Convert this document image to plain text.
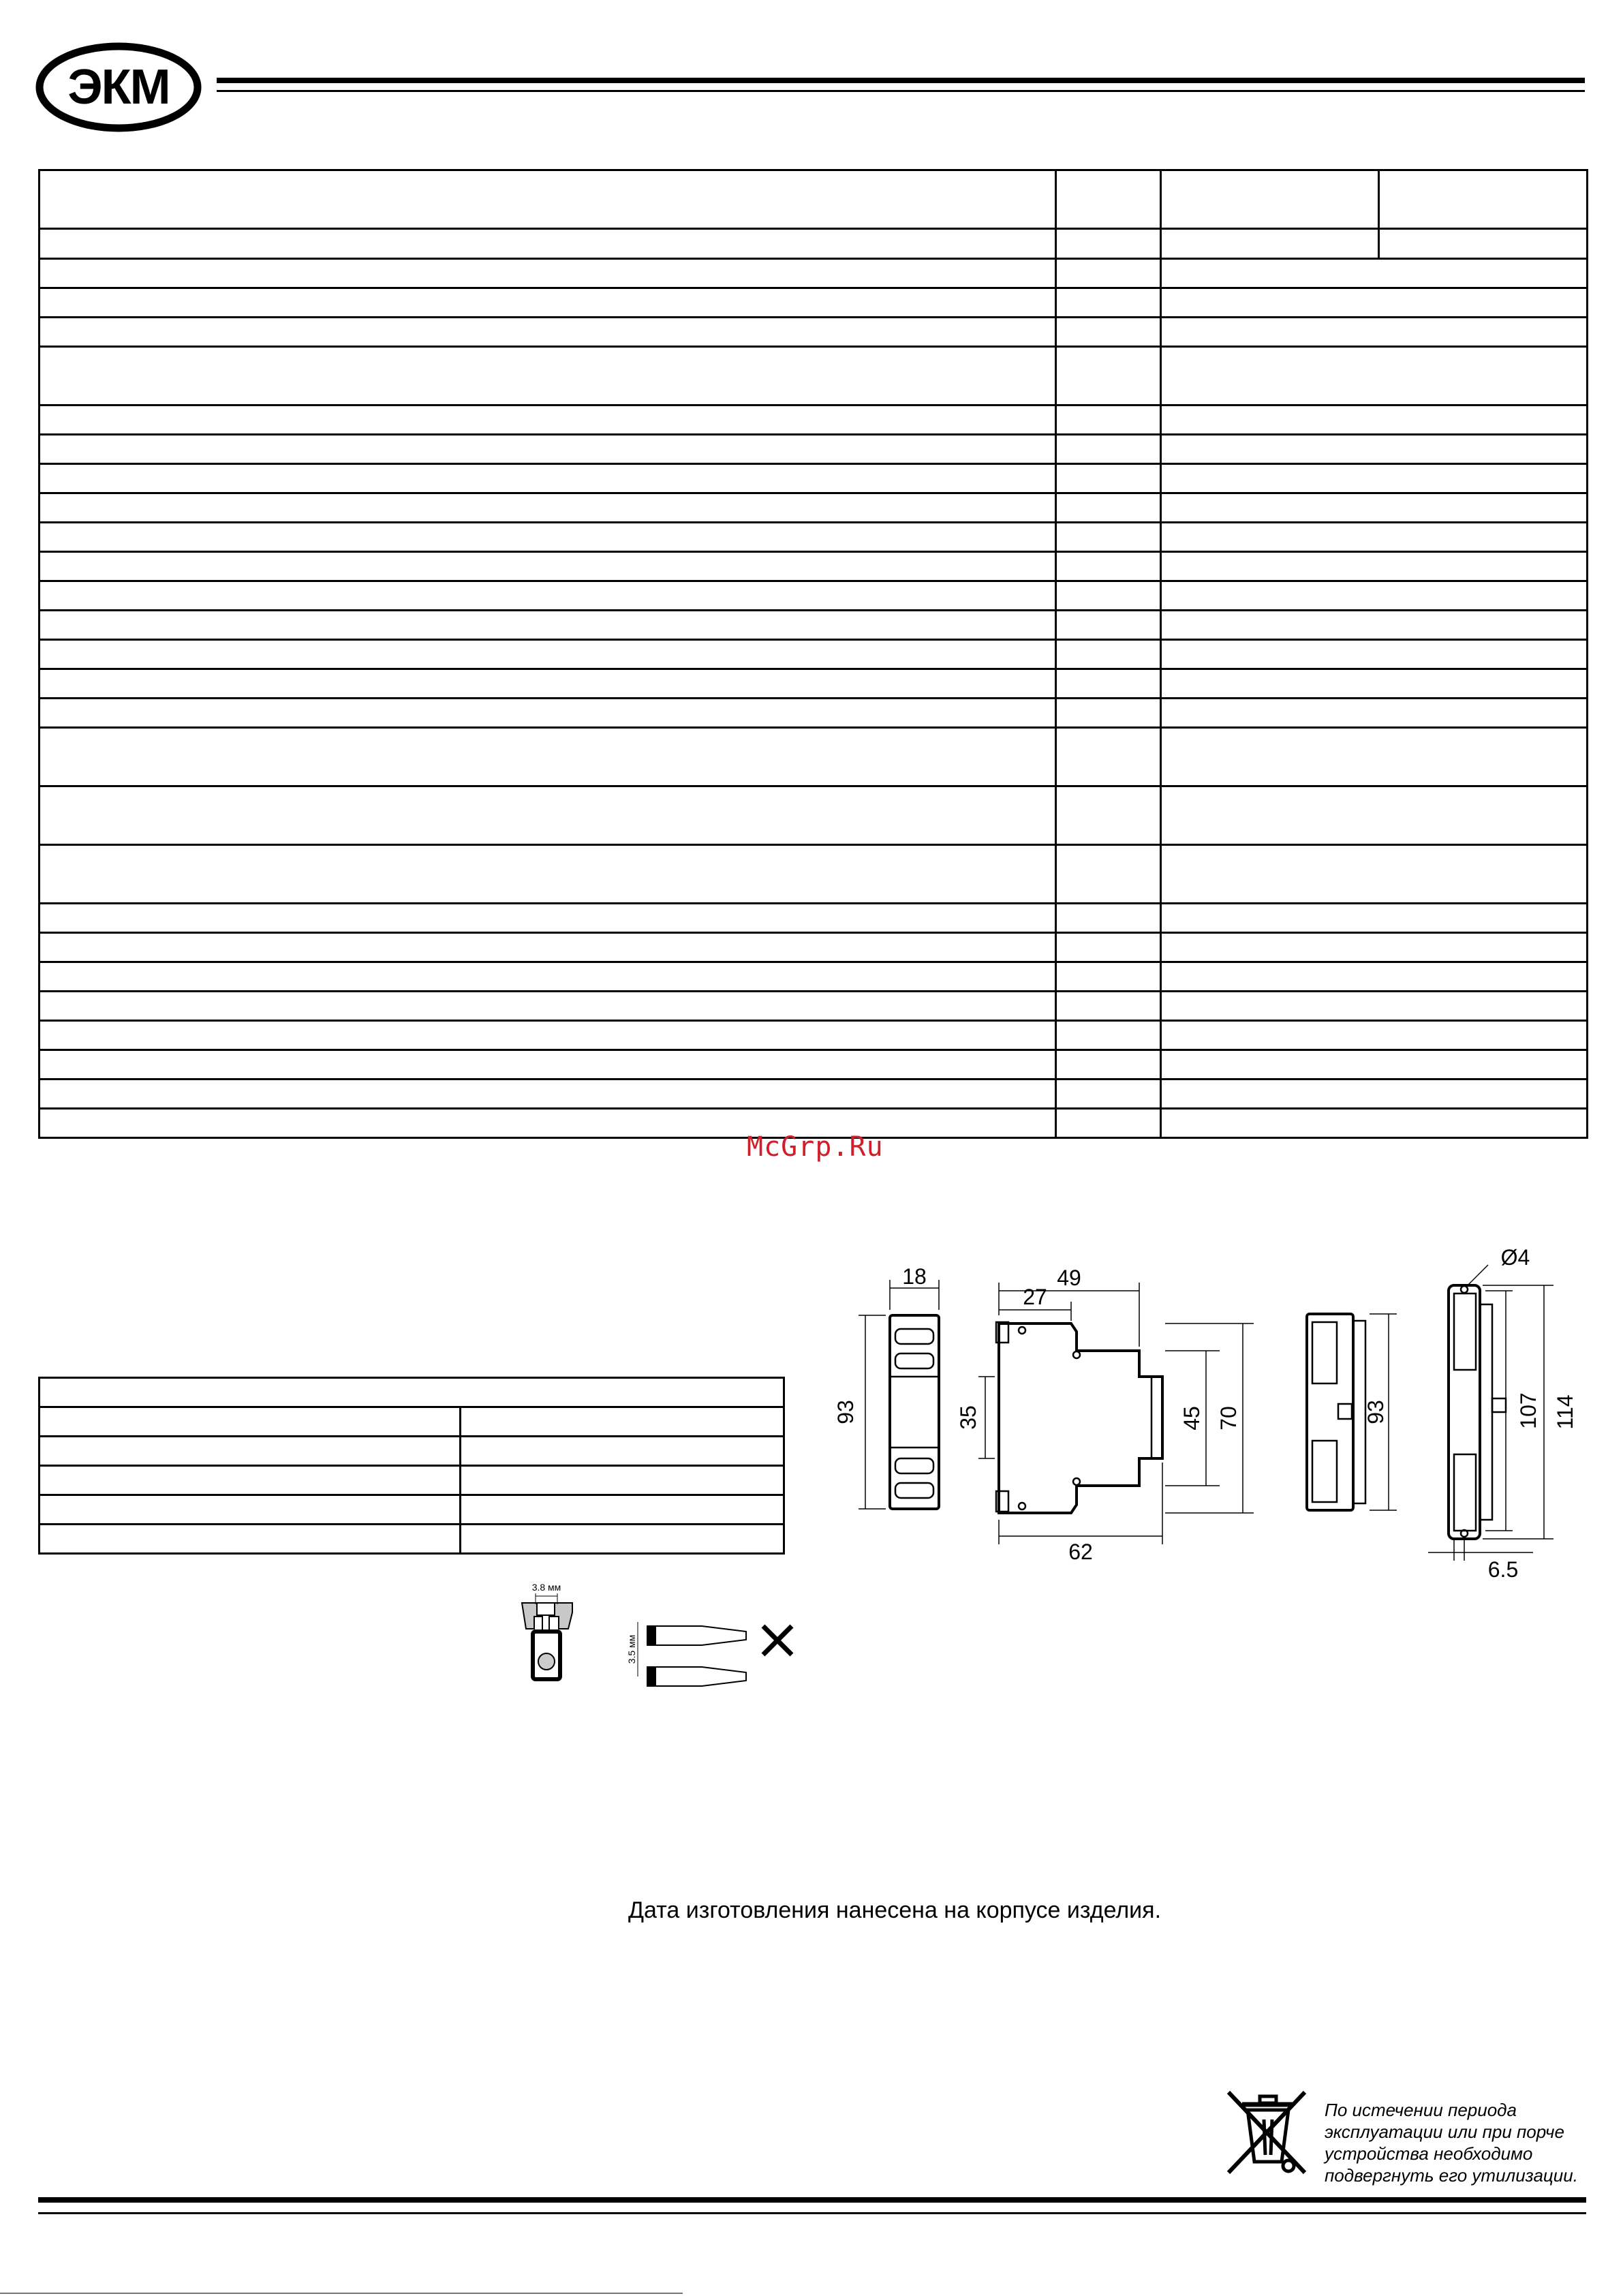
ЭКМ

McGrp.Ru

18
93
49
27
35	45 70
62
93
Ø4
107 114
6.5
3.8 мм
3.5 мм
Дата изготовления нанесена на корпусе изделия.
По истечении периода
эксплуатации или при порче
устройства необходимо
подвергнуть его утилизации.
